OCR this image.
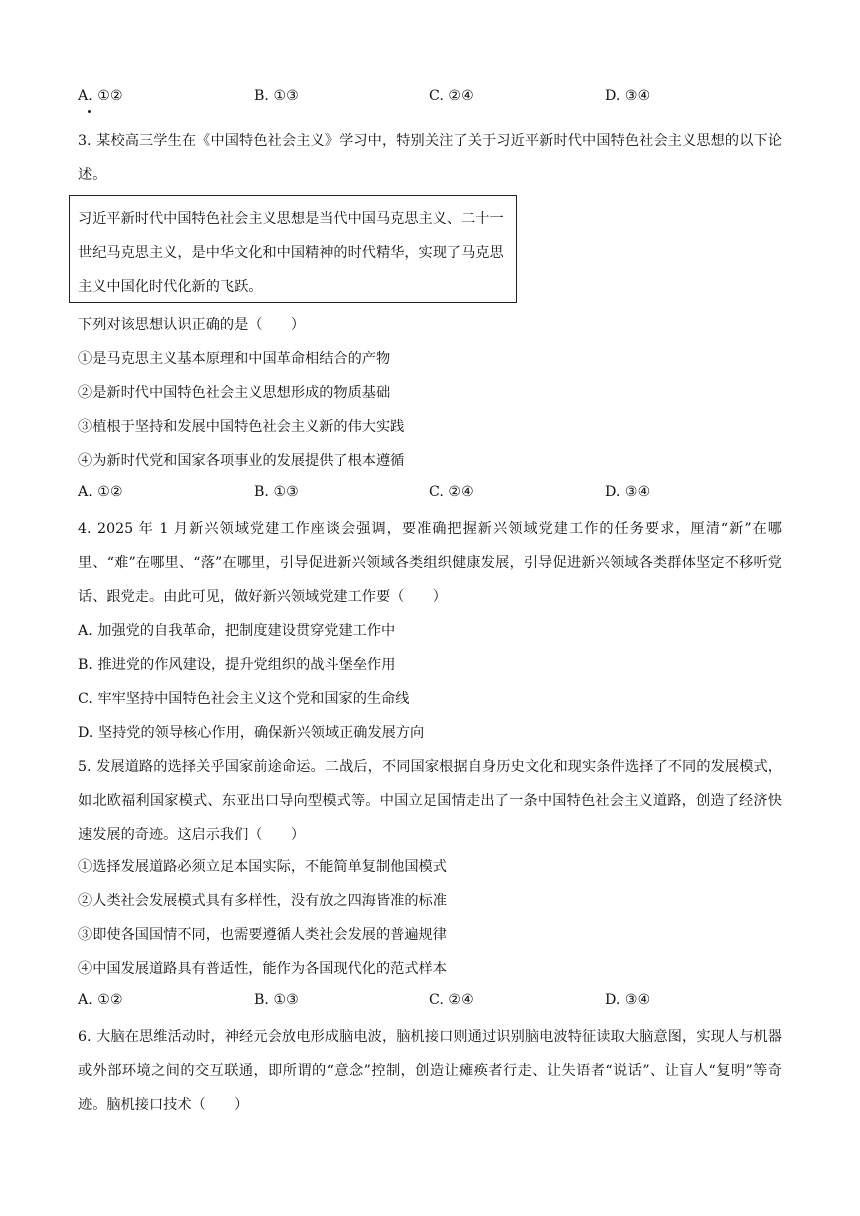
A. ①②	B. ①③	C. ②④	D. ③④
3. 某校高三学生在《中国特色社会主义》学习中，特别关注了关于习近平新时代中国特色社会主义思想的以下论述。
习近平新时代中国特色社会主义思想是当代中国马克思主义、二十一世纪马克思主义，是中华文化和中国精神的时代精华，实现了马克思主义中国化时代化新的飞跃。
下列对该思想认识正确的是（　　）
①是马克思主义基本原理和中国革命相结合的产物
②是新时代中国特色社会主义思想形成的物质基础
③植根于坚持和发展中国特色社会主义新的伟大实践
④为新时代党和国家各项事业的发展提供了根本遵循
A. ①②	B. ①③	C. ②④	D. ③④
4. 2025 年 1 月新兴领域党建工作座谈会强调，要准确把握新兴领域党建工作的任务要求，厘清“新”在哪里、“难”在哪里、“落”在哪里，引导促进新兴领域各类组织健康发展，引导促进新兴领域各类群体坚定不移听党话、跟党走。由此可见，做好新兴领域党建工作要（　　）
A. 加强党的自我革命，把制度建设贯穿党建工作中
B. 推进党的作风建设，提升党组织的战斗堡垒作用
C. 牢牢坚持中国特色社会主义这个党和国家的生命线
D. 坚持党的领导核心作用，确保新兴领域正确发展方向
5. 发展道路的选择关乎国家前途命运。二战后，不同国家根据自身历史文化和现实条件选择了不同的发展模式，如北欧福利国家模式、东亚出口导向型模式等。中国立足国情走出了一条中国特色社会主义道路，创造了经济快速发展的奇迹。这启示我们（　　）
①选择发展道路必须立足本国实际，不能简单复制他国模式
②人类社会发展模式具有多样性，没有放之四海皆准的标准
③即使各国国情不同，也需要遵循人类社会发展的普遍规律
④中国发展道路具有普适性，能作为各国现代化的范式样本
A. ①②	B. ①③	C. ②④	D. ③④
6. 大脑在思维活动时，神经元会放电形成脑电波，脑机接口则通过识别脑电波特征读取大脑意图，实现人与机器或外部环境之间的交互联通，即所谓的“意念”控制，创造让瘫痪者行走、让失语者“说话”、让盲人“复明”等奇迹。脑机接口技术（　　）
